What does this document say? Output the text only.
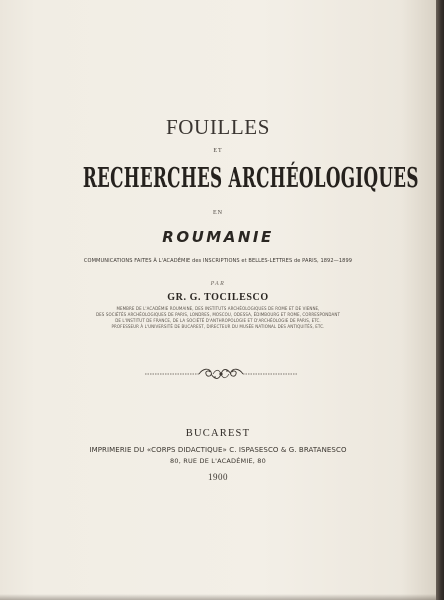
FOUILLES
ET
RECHERCHES ARCHÉOLOGIQUES
EN
ROUMANIE
COMMUNICATIONS FAITES À L'ACADÉMIE des INSCRIPTIONS et BELLES-LETTRES de PARIS, 1892—1899
PAR
GR. G. TOCILESCO
MEMBRE DE L'ACADÉMIE ROUMAINE, DES INSTITUTS ARCHÉOLOGIQUES DE ROME ET DE VIENNE,
DES SOCIÉTÉS ARCHÉOLOGIQUES DE PARIS, LONDRES, MOSCOU, ODESSA, ÉDIMBOURG ET ROME, CORRESPONDANT
DE L'INSTITUT DE FRANCE, DE LA SOCIÉTÉ D'ANTHROPOLOGIE ET D'ARCHÉOLOGIE DE PARIS, ETC.
PROFESSEUR À L'UNIVERSITÉ DE BUCAREST, DIRECTEUR DU MUSÉE NATIONAL DES ANTIQUITÉS, ETC.
BUCAREST
IMPRIMERIE DU «CORPS DIDACTIQUE» C. ISPASESCO & G. BRATANESCO
80, RUE DE L'ACADÉMIE, 80
1900
